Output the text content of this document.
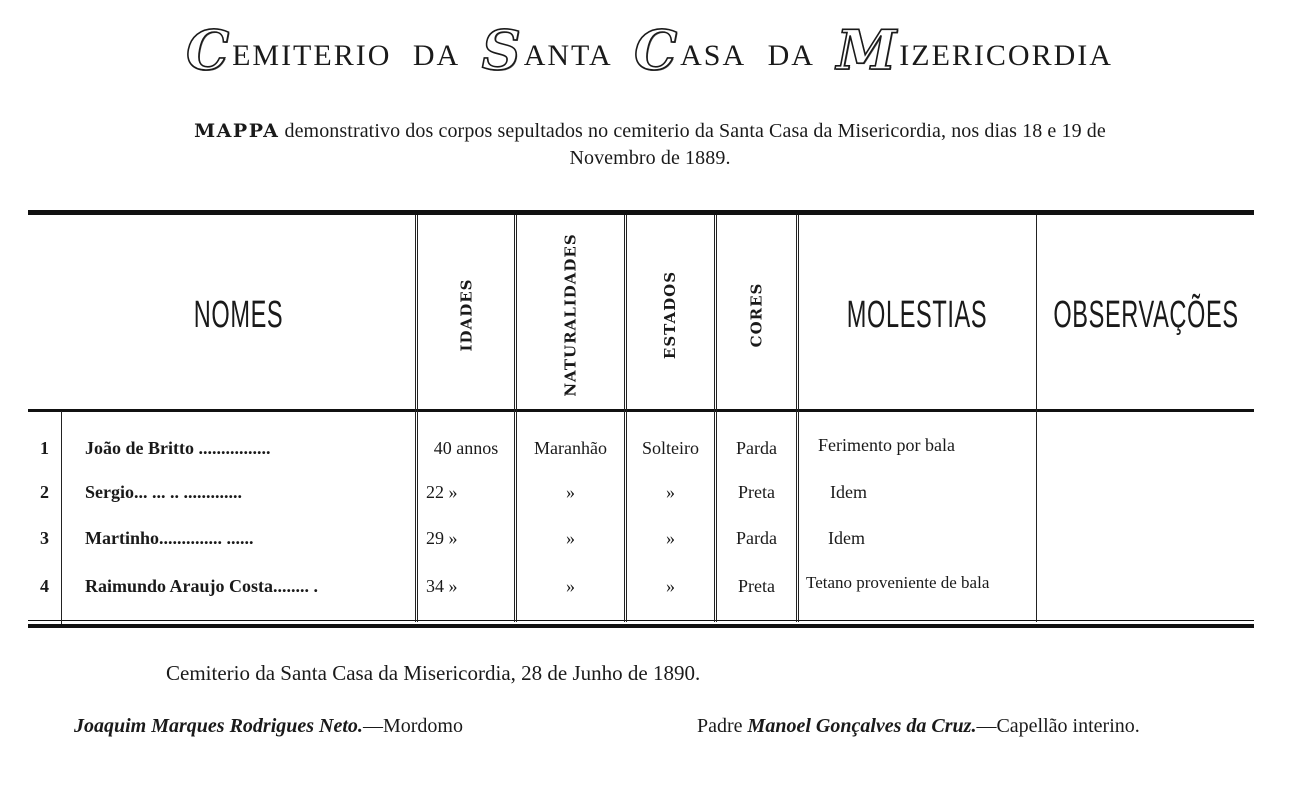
CEMITERIO DA SANTA CASA DA MIZERICORDIA
MAPPA demonstrativo dos corpos sepultados no cemiterio da Santa Casa da Misericordia, nos dias 18 e 19 de
Novembro de 1889.
NOMES	IDADES	NATURALIDADES	ESTADOS	CORES MOLESTIAS OBSERVAÇÕES
1 João de Britto ................	40 annos	Maranhão	Solteiro	Parda	Ferimento por bala
2 Sergio... ... .. .............	22 »	»	»	Preta	Idem
3 Martinho.............. ......	29 »	»	»	Parda	Idem
4 Raimundo Araujo Costa........ .	34 »	»	»	Preta	Tetano proveniente de bala
Cemiterio da Santa Casa da Misericordia, 28 de Junho de 1890.
Joaquim Marques Rodrigues Neto.—Mordomo	Padre Manoel Gonçalves da Cruz.—Capellão interino.
